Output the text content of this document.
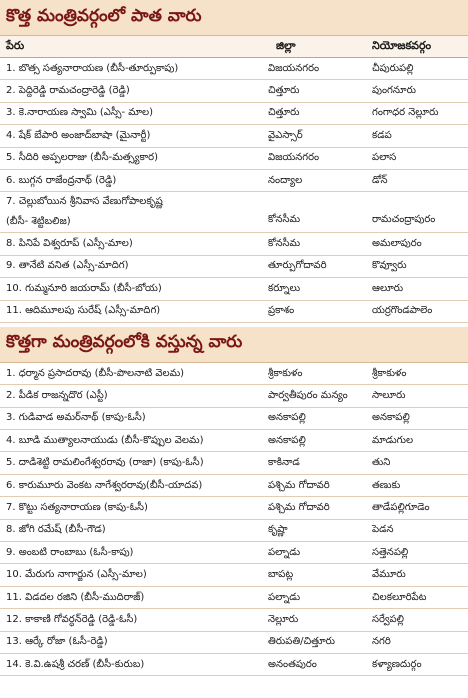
కొత్త మంత్రివర్గంలో పాత వారు
పేరు	జిల్లా	నియోజకవర్గం
1. బొత్స సత్యనారాయణ (బీసీ-తూర్పుకాపు)	విజయనగరం	చీపురుపల్లి
2. పెద్దిరెడ్డి రామచంద్రారెడ్డి (రెడ్డి)	చిత్తూరు	పుంగనూరు
3. కె.నారాయణ స్వామి (ఎస్సీ- మాల)	చిత్తూరు	గంగాధర నెల్లూరు
4. షేక్ బేపారి అంజాద్‌బాషా (మైనార్టీ)	వైఎస్సార్	కడప
5. సీదిరి అప్పలరాజు (బీసీ-మత్స్యకార)	విజయనగరం	పలాస
6. బుగ్గన రాజేంద్రనాథ్ (రెడ్డి)	నంద్యాల	డోన్
7. చెల్లుబోయిన శ్రీనివాస వేణుగోపాలకృష్ణ
(బీసీ- శెట్టిబలిజ)	కోనసీమ	రామచంద్రాపురం
8. పినిపే విశ్వరూప్ (ఎస్సీ-మాల)	కోనసీమ	అమలాపురం
9. తానేటి వనిత (ఎస్సీ-మాదిగ)	తూర్పుగోదావరి	కొవ్వూరు
10. గుమ్మనూరి జయరామ్ (బీసీ-బోయ)	కర్నూలు	ఆలూరు
11. ఆదిమూలపు సురేష్ (ఎస్సీ-మాదిగ)	ప్రకాశం	యర్రగొండపాలెం
కొత్తగా మంత్రివర్గంలోకి వస్తున్న వారు
1. ధర్మాన ప్రసాదరావు (బీసీ-పొలనాటి వెలమ)	శ్రీకాకుళం	శ్రీకాకుళం
2. పీడిక రాజన్నదొర (ఎస్టీ)	పార్వతీపురం మన్యం	సాలూరు
3. గుడివాడ అమర్‌నాథ్ (కాపు-ఓసీ)	అనకాపల్లి	అనకాపల్లి
4. బూడి ముత్యాలనాయుడు (బీసీ-కొప్పుల వెలమ)	అనకాపల్లి	మాడుగుల
5. దాడిశెట్టి రామలింగేశ్వరరావు (రాజా) (కాపు-ఓసీ)	కాకినాడ	తుని
6. కారుమూరు వెంకట నాగేశ్వరరావు(బీసీ-యాదవ)	పశ్చిమ గోదావరి	తణుకు
7. కొట్టు సత్యనారాయణ (కాపు-ఓసీ)	పశ్చిమ గోదావరి	తాడేపల్లిగూడెం
8. జోగి రమేష్ (బీసీ-గౌడ)	కృష్ణా	పెడన
9. అంబటి రాంబాబు (ఓసీ-కాపు)	పల్నాడు	సత్తెనపల్లి
10. మేరుగు నాగార్జున (ఎస్సీ-మాల)	బాపట్ల	వేమూరు
11. విడదల రజిని (బీసీ-ముదిరాజ్)	పల్నాడు	చిలకలూరిపేట
12. కాకాణి గోవర్ధన్‌రెడ్డి (రెడ్డి-ఓసీ)	నెల్లూరు	సర్వేపల్లి
13. ఆర్కే రోజా (ఓసీ-రెడ్డి)	తిరుపతి/చిత్తూరు	నగరి
14. కె.వి.ఉషశ్రీ చరణ్ (బీసీ-కురుబ)	అనంతపురం	కళ్యాణదుర్గం
